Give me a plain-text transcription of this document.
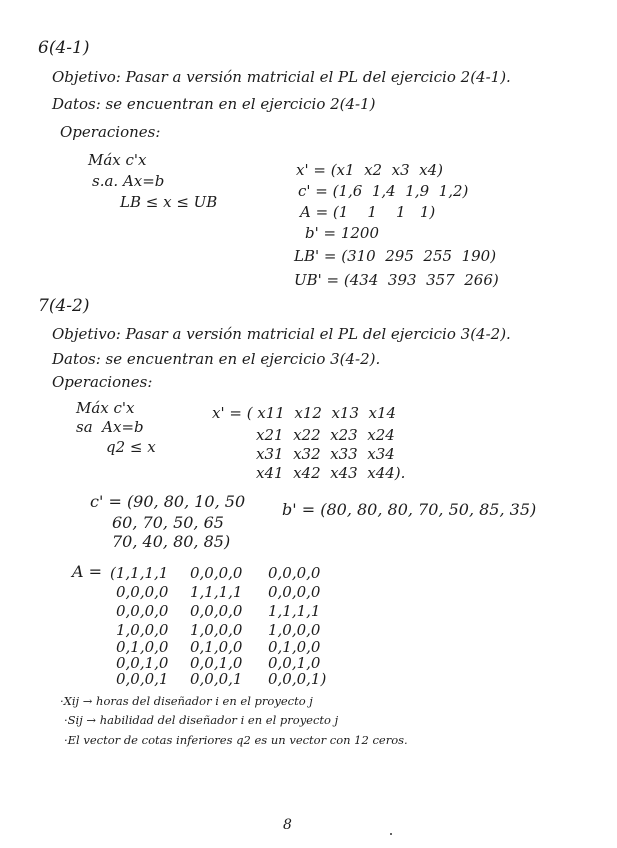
6(4-1)
Objetivo: Pasar a versión matricial el PL del ejercicio 2(4-1).
Datos: se encuentran en el ejercicio 2(4-1)
Operaciones:
Máx c'x
s.a. Ax=b
LB ≤ x ≤ UB
x' = (x1  x2  x3  x4)
c' = (1,6  1,4  1,9  1,2)
A = (1    1    1   1)
b' = 1200
LB' = (310  295  255  190)
UB' = (434  393  357  266)
7(4-2)
Objetivo: Pasar a versión matricial el PL del ejercicio 3(4-2).
Datos: se encuentran en el ejercicio 3(4-2).
Operaciones:
Máx c'x
sa  Ax=b
q2 ≤ x
x' = ( x11  x12  x13  x14
x21  x22  x23  x24
x31  x32  x33  x34
x41  x42  x43  x44).
c' = (90, 80, 10, 50
60, 70, 50, 65
70, 40, 80, 85)
b' = (80, 80, 80, 70, 50, 85, 35)
A = (1,1,1,1 0,0,0,0 0,0,0,0
0,0,0,0 1,1,1,1 0,0,0,0
0,0,0,0 0,0,0,0 1,1,1,1
1,0,0,0 1,0,0,0 1,0,0,0
0,1,0,0 0,1,0,0 0,1,0,0
0,0,1,0 0,0,1,0 0,0,1,0
0,0,0,1 0,0,0,1 0,0,0,1)
·Xij → horas del diseñador i en el proyecto j
·Sij → habilidad del diseñador i en el proyecto j
·El vector de cotas inferiores q2 es un vector con 12 ceros.
8
